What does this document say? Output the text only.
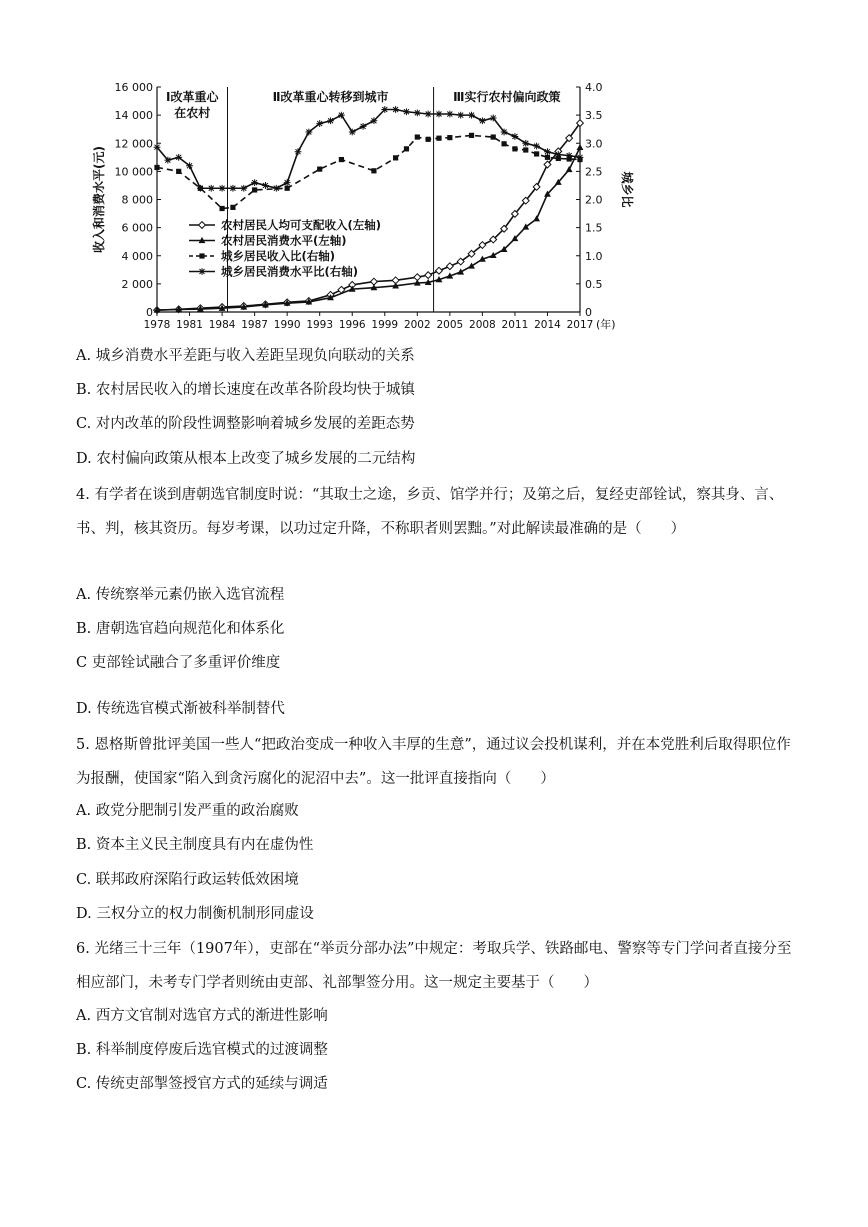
0
2 000
4 000
6 000
8 000
10 000
12 000
14 000
16 000
0
0.5
1.0
1.5
2.0
2.5
3.0
3.5
4.0
1978 1981 1984 1987 1990 1993 1996 1999 2002 2005 2008 2011 2014 2017 (年)
收入和消费水平(元)	城乡比
Ⅰ改革重心
在农村
Ⅱ改革重心转移到城市	Ⅲ实行农村偏向政策
农村居民人均可支配收入(左轴)
农村居民消费水平(左轴)
城乡居民收入比(右轴)
城乡居民消费水平比(右轴)
A. 城乡消费水平差距与收入差距呈现负向联动的关系
B. 农村居民收入的增长速度在改革各阶段均快于城镇
C. 对内改革的阶段性调整影响着城乡发展的差距态势
D. 农村偏向政策从根本上改变了城乡发展的二元结构
4. 有学者在谈到唐朝选官制度时说：“其取士之途，乡贡、馆学并行；及第之后，复经吏部铨试，察其身、言、书、判，核其资历。每岁考课，以功过定升降，不称职者则罢黜。”对此解读最准确的是（　　）
A. 传统察举元素仍嵌入选官流程
B. 唐朝选官趋向规范化和体系化
C 吏部铨试融合了多重评价维度
D. 传统选官模式渐被科举制替代
5. 恩格斯曾批评美国一些人“把政治变成一种收入丰厚的生意”，通过议会投机谋利，并在本党胜利后取得职位作为报酬，使国家“陷入到贪污腐化的泥沼中去”。这一批评直接指向（　　）
A. 政党分肥制引发严重的政治腐败
B. 资本主义民主制度具有内在虚伪性
C. 联邦政府深陷行政运转低效困境
D. 三权分立的权力制衡机制形同虚设
6. 光绪三十三年（1907年），吏部在“举贡分部办法”中规定：考取兵学、铁路邮电、警察等专门学问者直接分至相应部门，未考专门学者则统由吏部、礼部掣签分用。这一规定主要基于（　　）
A. 西方文官制对选官方式的渐进性影响
B. 科举制度停废后选官模式的过渡调整
C. 传统吏部掣签授官方式的延续与调适
